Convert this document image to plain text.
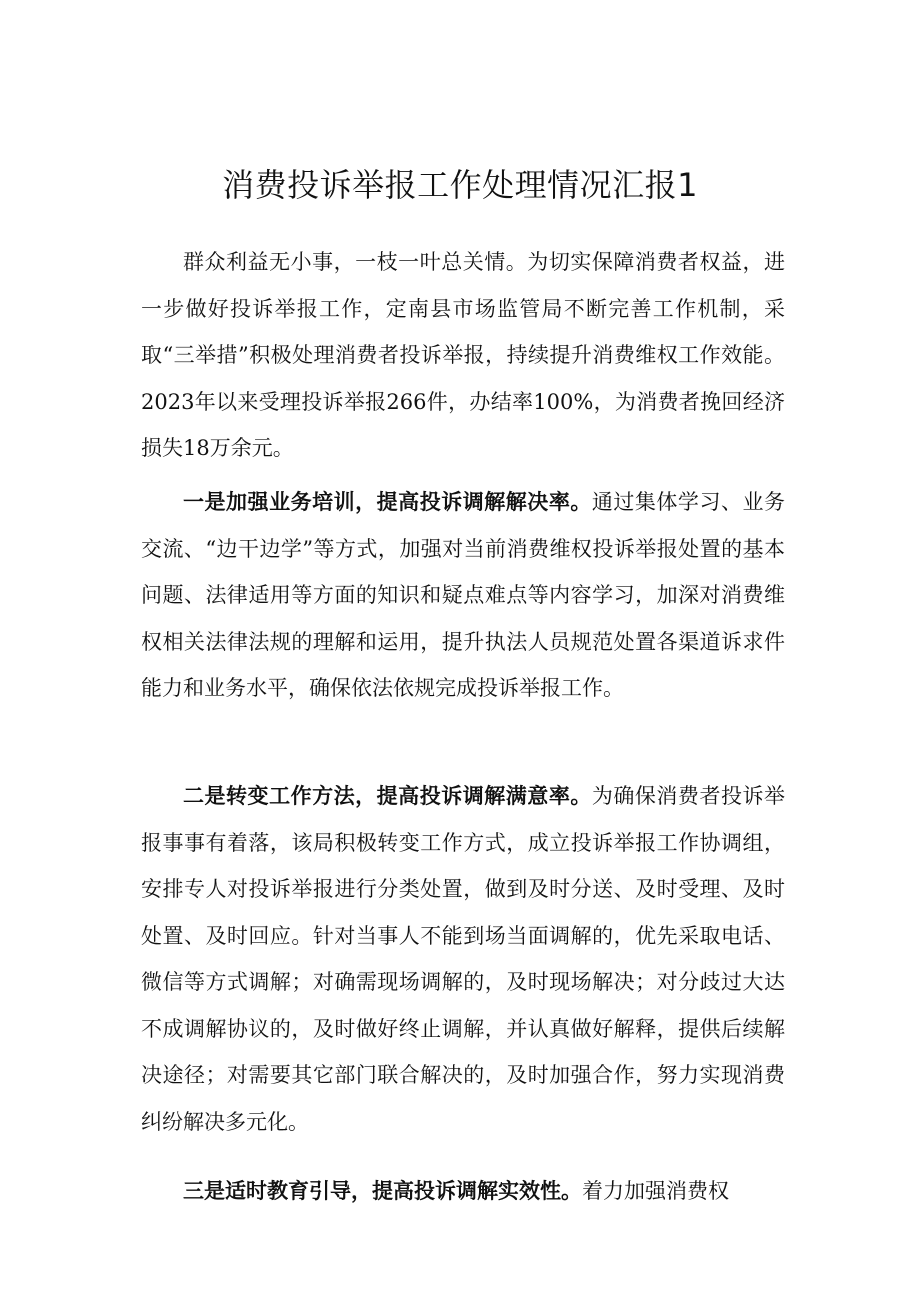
消费投诉举报工作处理情况汇报1

群众利益无小事，一枝一叶总关情。为切实保障消费者权益，进一步做好投诉举报工作，定南县市场监管局不断完善工作机制，采取“三举措”积极处理消费者投诉举报，持续提升消费维权工作效能。2023年以来受理投诉举报266件，办结率100%，为消费者挽回经济损失18万余元。

一是加强业务培训，提高投诉调解解决率。通过集体学习、业务交流、“边干边学”等方式，加强对当前消费维权投诉举报处置的基本问题、法律适用等方面的知识和疑点难点等内容学习，加深对消费维权相关法律法规的理解和运用，提升执法人员规范处置各渠道诉求件能力和业务水平，确保依法依规完成投诉举报工作。

二是转变工作方法，提高投诉调解满意率。为确保消费者投诉举报事事有着落，该局积极转变工作方式，成立投诉举报工作协调组，安排专人对投诉举报进行分类处置，做到及时分送、及时受理、及时处置、及时回应。针对当事人不能到场当面调解的，优先采取电话、微信等方式调解；对确需现场调解的，及时现场解决；对分歧过大达不成调解协议的，及时做好终止调解，并认真做好解释，提供后续解决途径；对需要其它部门联合解决的，及时加强合作，努力实现消费纠纷解决多元化。

三是适时教育引导，提高投诉调解实效性。着力加强消费权
